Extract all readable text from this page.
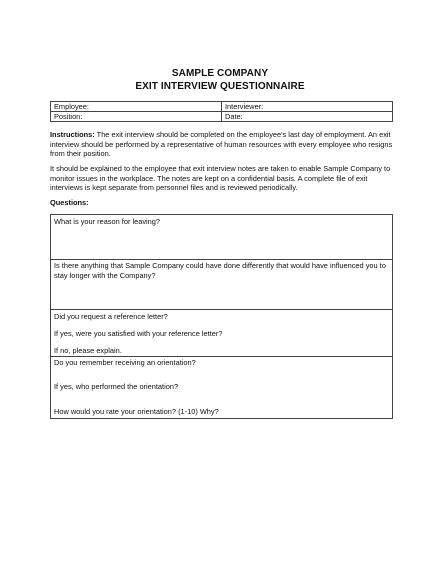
SAMPLE COMPANY
EXIT INTERVIEW QUESTIONNAIRE
Employee:	Interviewer:
Position:	Date:
Instructions: The exit interview should be completed on the employee's last day of employment. An exit interview should be performed by a representative of human resources with every employee who resigns from their position.
It should be explained to the employee that exit interview notes are taken to enable Sample Company to monitor issues in the workplace. The notes are kept on a confidential basis. A complete file of exit interviews is kept separate from personnel files and is reviewed periodically.
Questions:
What is your reason for leaving?
Is there anything that Sample Company could have done differently that would have influenced you to stay longer with the Company?
Did you request a reference letter?
If yes, were you satisfied with your reference letter?
If no, please explain.
Do you remember receiving an orientation?
If yes, who performed the orientation?
How would you rate your orientation? (1-10) Why?
